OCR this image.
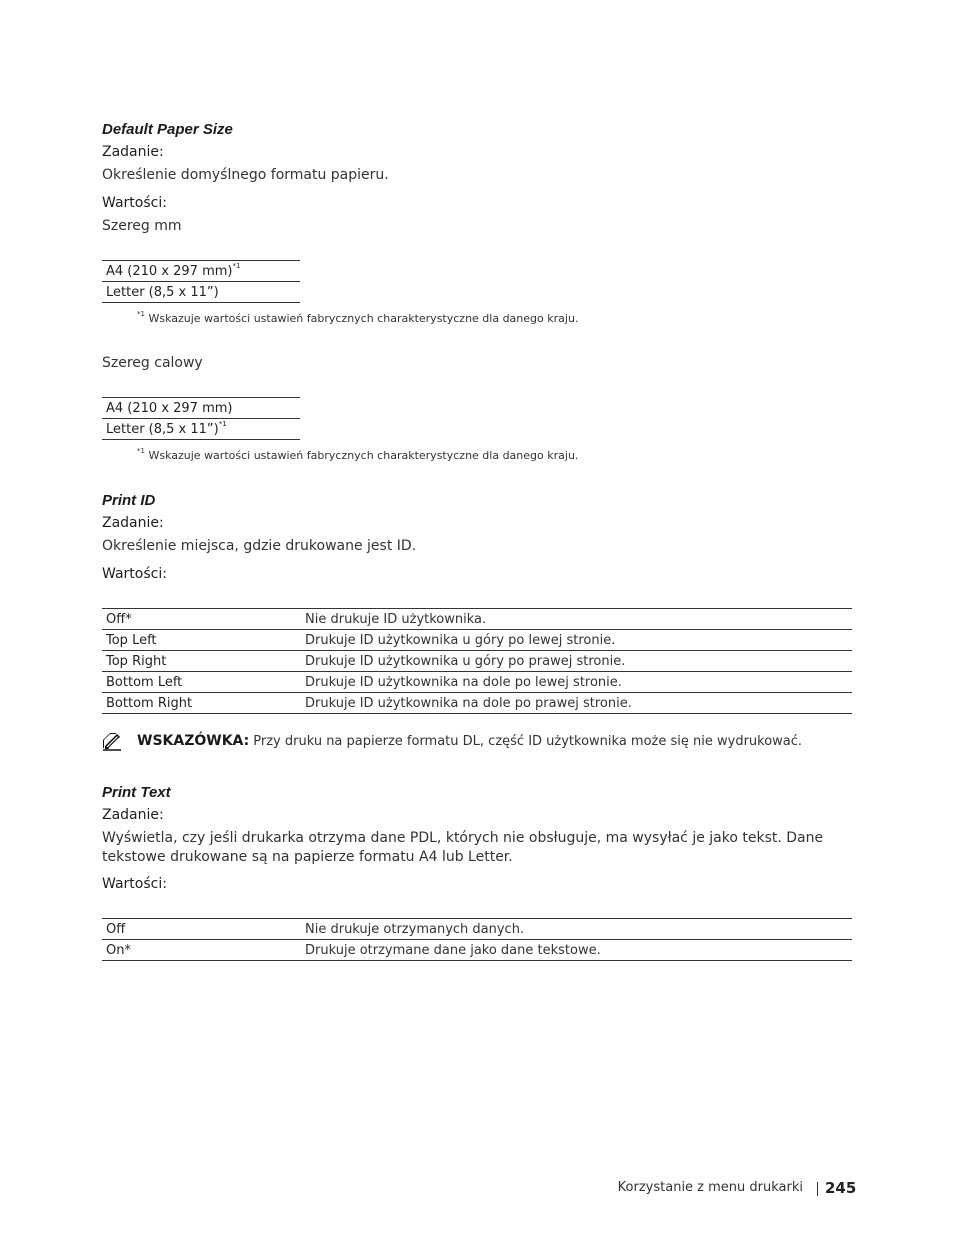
Default Paper Size
Zadanie:
Określenie domyślnego formatu papieru.
Wartości:
Szereg mm
A4 (210 x 297 mm)$^{*1}$
Letter (8,5 x 11”)
$^{*1}$ Wskazuje wartości ustawień fabrycznych charakterystyczne dla danego kraju.
Szereg calowy
A4 (210 x 297 mm)
Letter (8,5 x 11”)$^{*1}$
$^{*1}$ Wskazuje wartości ustawień fabrycznych charakterystyczne dla danego kraju.
Print ID
Zadanie:
Określenie miejsca, gdzie drukowane jest ID.
Wartości:
Off*	Nie drukuje ID użytkownika.
Top Left	Drukuje ID użytkownika u góry po lewej stronie.
Top Right	Drukuje ID użytkownika u góry po prawej stronie.
Bottom Left	Drukuje ID użytkownika na dole po lewej stronie.
Bottom Right	Drukuje ID użytkownika na dole po prawej stronie.
WSKAZÓWKA: Przy druku na papierze formatu DL, część ID użytkownika może się nie wydrukować.
Print Text
Zadanie:
Wyświetla, czy jeśli drukarka otrzyma dane PDL, których nie obsługuje, ma wysyłać je jako tekst. Dane tekstowe drukowane są na papierze formatu A4 lub Letter.
Wartości:
Off	Nie drukuje otrzymanych danych.
On*	Drukuje otrzymane dane jako dane tekstowe.
Korzystanie z menu drukarki 245
